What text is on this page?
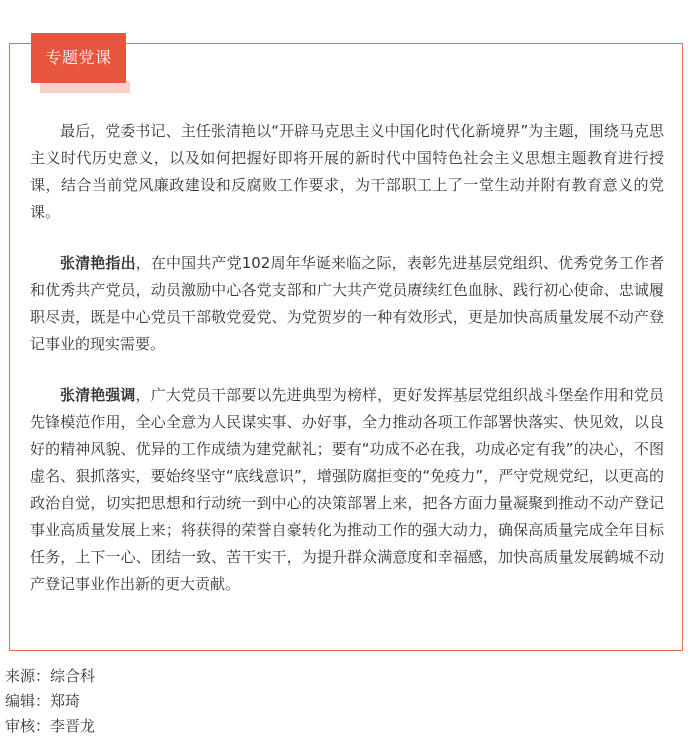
专题党课

最后，党委书记、主任张清艳以“开辟马克思主义中国化时代化新境界”为主题，围绕马克思主义时代历史意义，以及如何把握好即将开展的新时代中国特色社会主义思想主题教育进行授课，结合当前党风廉政建设和反腐败工作要求，为干部职工上了一堂生动并附有教育意义的党课。

张清艳指出，在中国共产党102周年华诞来临之际，表彰先进基层党组织、优秀党务工作者和优秀共产党员，动员激励中心各党支部和广大共产党员赓续红色血脉、践行初心使命、忠诚履职尽责，既是中心党员干部敬党爱党、为党贺岁的一种有效形式，更是加快高质量发展不动产登记事业的现实需要。

张清艳强调，广大党员干部要以先进典型为榜样，更好发挥基层党组织战斗堡垒作用和党员先锋模范作用，全心全意为人民谋实事、办好事，全力推动各项工作部署快落实、快见效，以良好的精神风貌、优异的工作成绩为建党献礼；要有“功成不必在我，功成必定有我”的决心，不图虚名、狠抓落实，要始终坚守“底线意识”，增强防腐拒变的“免疫力”，严守党规党纪，以更高的政治自觉，切实把思想和行动统一到中心的决策部署上来，把各方面力量凝聚到推动不动产登记事业高质量发展上来；将获得的荣誉自豪转化为推动工作的强大动力，确保高质量完成全年目标任务，上下一心、团结一致、苦干实干，为提升群众满意度和幸福感，加快高质量发展鹤城不动产登记事业作出新的更大贡献。

来源：综合科
编辑：郑琦
审核：李晋龙
